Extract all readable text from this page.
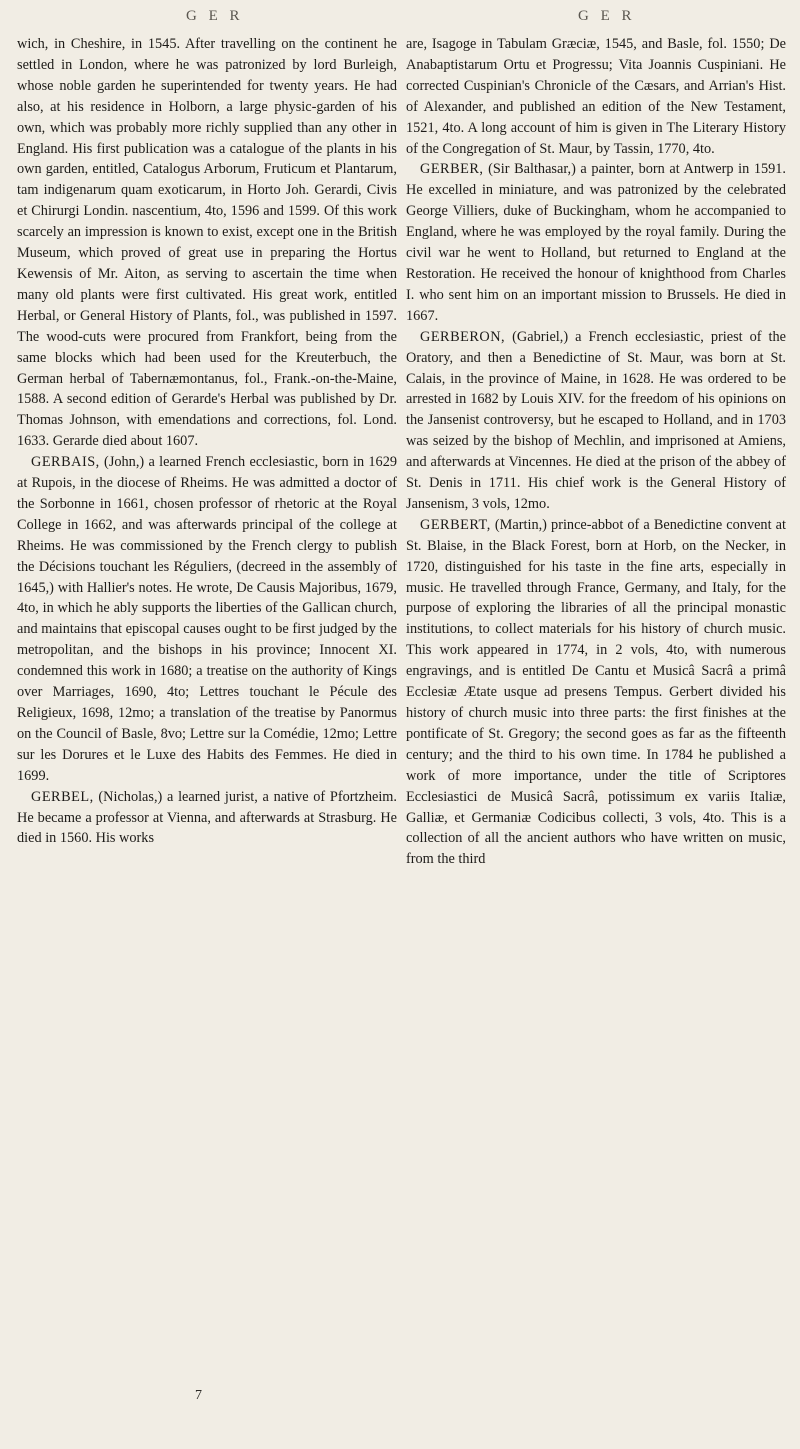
G E R	G E R

wich, in Cheshire, in 1545. After travelling on the continent he settled in London, where he was patronized by lord Burleigh, whose noble garden he superintended for twenty years. He had also, at his residence in Holborn, a large physic-garden of his own, which was probably more richly supplied than any other in England. His first publication was a catalogue of the plants in his own garden, entitled, Catalogus Arborum, Fruticum et Plantarum, tam indigenarum quam exoticarum, in Horto Joh. Gerardi, Civis et Chirurgi Londin. nascentium, 4to, 1596 and 1599. Of this work scarcely an impression is known to exist, except one in the British Museum, which proved of great use in preparing the Hortus Kewensis of Mr. Aiton, as serving to ascertain the time when many old plants were first cultivated. His great work, entitled Herbal, or General History of Plants, fol., was published in 1597. The wood-cuts were procured from Frankfort, being from the same blocks which had been used for the Kreuterbuch, the German herbal of Tabernæmontanus, fol., Frank.-on-the-Maine, 1588. A second edition of Gerarde's Herbal was published by Dr. Thomas Johnson, with emendations and corrections, fol. Lond. 1633. Gerarde died about 1607.

GERBAIS, (John,) a learned French ecclesiastic, born in 1629 at Rupois, in the diocese of Rheims. He was admitted a doctor of the Sorbonne in 1661, chosen professor of rhetoric at the Royal College in 1662, and was afterwards principal of the college at Rheims. He was commissioned by the French clergy to publish the Décisions touchant les Réguliers, (decreed in the assembly of 1645,) with Hallier's notes. He wrote, De Causis Majoribus, 1679, 4to, in which he ably supports the liberties of the Gallican church, and maintains that episcopal causes ought to be first judged by the metropolitan, and the bishops in his province; Innocent XI. condemned this work in 1680; a treatise on the authority of Kings over Marriages, 1690, 4to; Lettres touchant le Pécule des Religieux, 1698, 12mo; a translation of the treatise by Panormus on the Council of Basle, 8vo; Lettre sur la Comédie, 12mo; Lettre sur les Dorures et le Luxe des Habits des Femmes. He died in 1699.

GERBEL, (Nicholas,) a learned jurist, a native of Pfortzheim. He became a professor at Vienna, and afterwards at Strasburg. He died in 1560. His works

are, Isagoge in Tabulam Græciæ, 1545, and Basle, fol. 1550; De Anabaptistarum Ortu et Progressu; Vita Joannis Cuspiniani. He corrected Cuspinian's Chronicle of the Cæsars, and Arrian's Hist. of Alexander, and published an edition of the New Testament, 1521, 4to. A long account of him is given in The Literary History of the Congregation of St. Maur, by Tassin, 1770, 4to.

GERBER, (Sir Balthasar,) a painter, born at Antwerp in 1591. He excelled in miniature, and was patronized by the celebrated George Villiers, duke of Buckingham, whom he accompanied to England, where he was employed by the royal family. During the civil war he went to Holland, but returned to England at the Restoration. He received the honour of knighthood from Charles I. who sent him on an important mission to Brussels. He died in 1667.

GERBERON, (Gabriel,) a French ecclesiastic, priest of the Oratory, and then a Benedictine of St. Maur, was born at St. Calais, in the province of Maine, in 1628. He was ordered to be arrested in 1682 by Louis XIV. for the freedom of his opinions on the Jansenist controversy, but he escaped to Holland, and in 1703 was seized by the bishop of Mechlin, and imprisoned at Amiens, and afterwards at Vincennes. He died at the prison of the abbey of St. Denis in 1711. His chief work is the General History of Jansenism, 3 vols, 12mo.

GERBERT, (Martin,) prince-abbot of a Benedictine convent at St. Blaise, in the Black Forest, born at Horb, on the Necker, in 1720, distinguished for his taste in the fine arts, especially in music. He travelled through France, Germany, and Italy, for the purpose of exploring the libraries of all the principal monastic institutions, to collect materials for his history of church music. This work appeared in 1774, in 2 vols, 4to, with numerous engravings, and is entitled De Cantu et Musicâ Sacrâ a primâ Ecclesiæ Ætate usque ad presens Tempus. Gerbert divided his history of church music into three parts: the first finishes at the pontificate of St. Gregory; the second goes as far as the fifteenth century; and the third to his own time. In 1784 he published a work of more importance, under the title of Scriptores Ecclesiastici de Musicâ Sacrâ, potissimum ex variis Italiæ, Galliæ, et Germaniæ Codicibus collecti, 3 vols, 4to. This is a collection of all the ancient authors who have written on music, from the third

7
